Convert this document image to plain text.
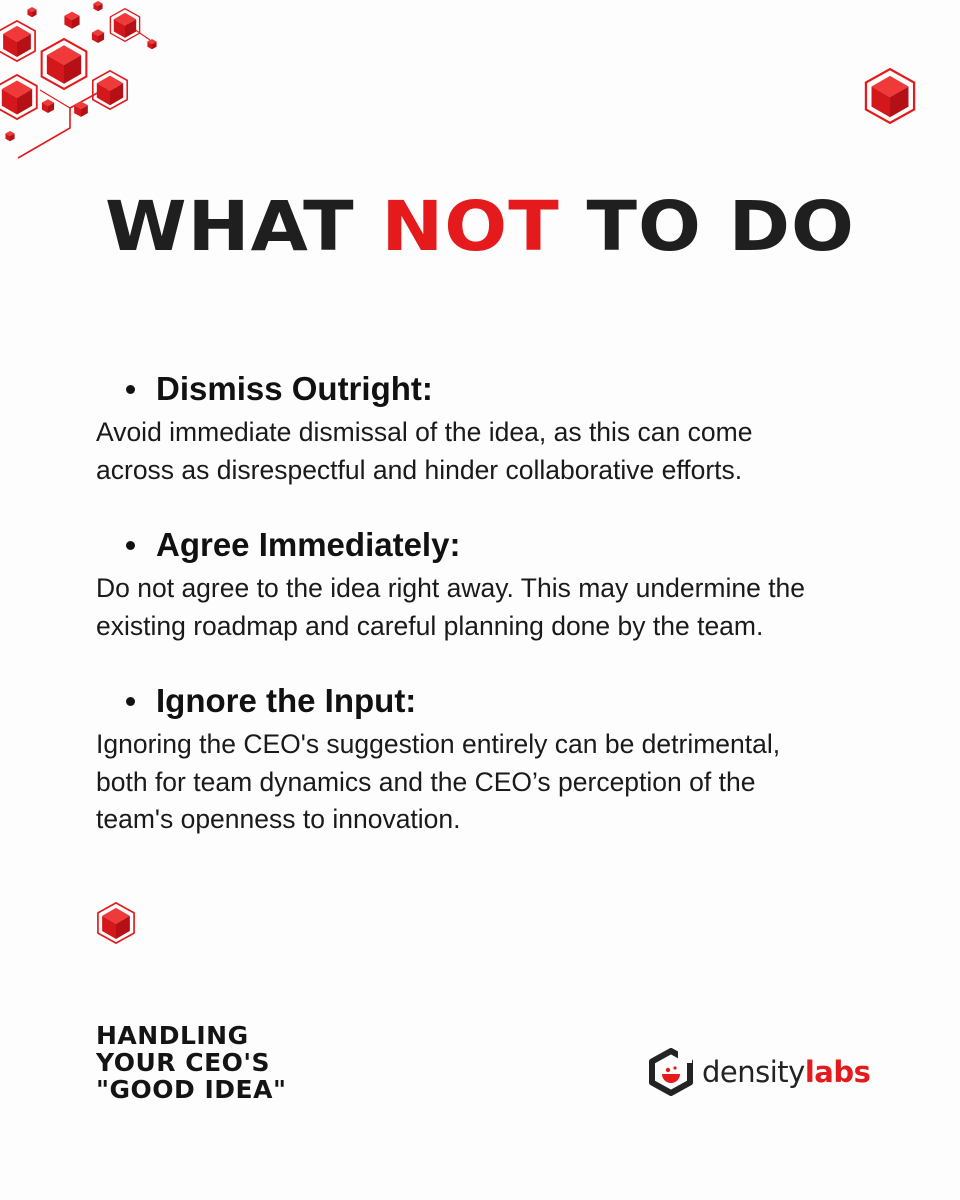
WHAT NOT TO DO
Dismiss Outright:
Avoid immediate dismissal of the idea, as this can come
across as disrespectful and hinder collaborative efforts.
Agree Immediately:
Do not agree to the idea right away. This may undermine the
existing roadmap and careful planning done by the team.
Ignore the Input:
Ignoring the CEO's suggestion entirely can be detrimental,
both for team dynamics and the CEO’s perception of the
team's openness to innovation.
HANDLING
YOUR CEO'S
"GOOD IDEA"
densitylabs
